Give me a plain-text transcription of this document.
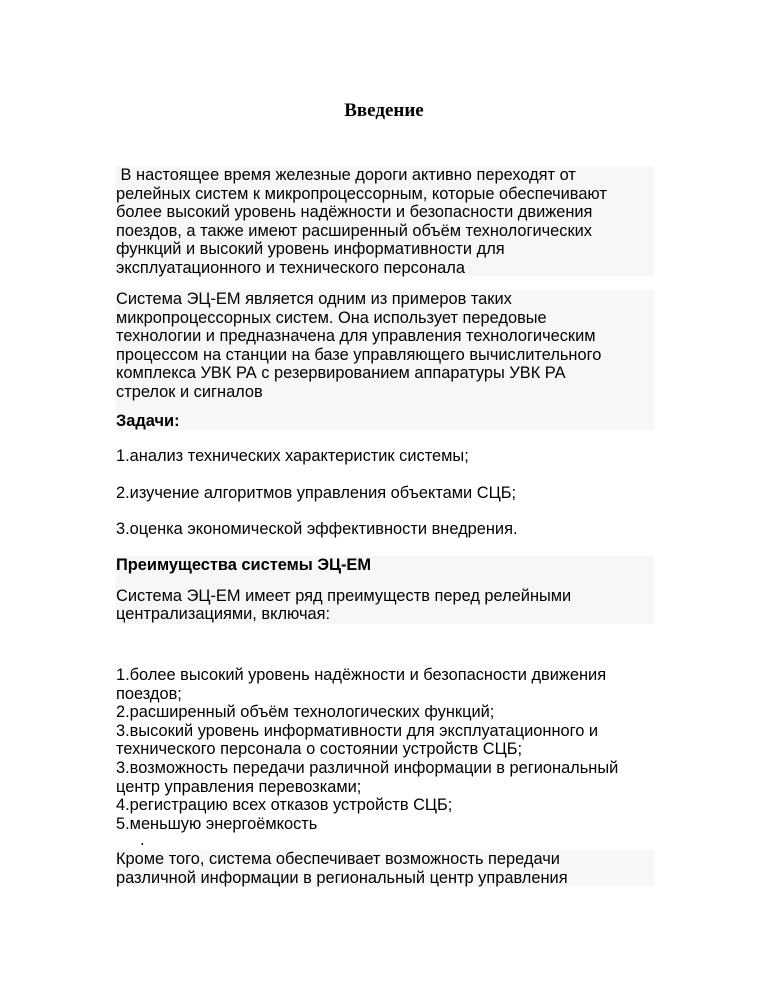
Введение
В настоящее время железные дороги активно переходят от
релейных систем к микропроцессорным, которые обеспечивают
более высокий уровень надёжности и безопасности движения
поездов, а также имеют расширенный объём технологических
функций и высокий уровень информативности для
эксплуатационного и технического персонала
Система ЭЦ-ЕМ является одним из примеров таких
микропроцессорных систем. Она использует передовые
технологии и предназначена для управления технологическим
процессом на станции на базе управляющего вычислительного
комплекса УВК РА с резервированием аппаратуры УВК РА
стрелок и сигналов
Задачи:
1.анализ технических характеристик системы;
2.изучение алгоритмов управления объектами СЦБ;
3.оценка экономической эффективности внедрения.
Преимущества системы ЭЦ-ЕМ
Система ЭЦ-ЕМ имеет ряд преимуществ перед релейными
централизациями, включая:
1.более высокий уровень надёжности и безопасности движения
поездов;
2.расширенный объём технологических функций;
3.высокий уровень информативности для эксплуатационного и
технического персонала о состоянии устройств СЦБ;
3.возможность передачи различной информации в региональный
центр управления перевозками;
4.регистрацию всех отказов устройств СЦБ;
5.меньшую энергоёмкость
.
Кроме того, система обеспечивает возможность передачи
различной информации в региональный центр управления
